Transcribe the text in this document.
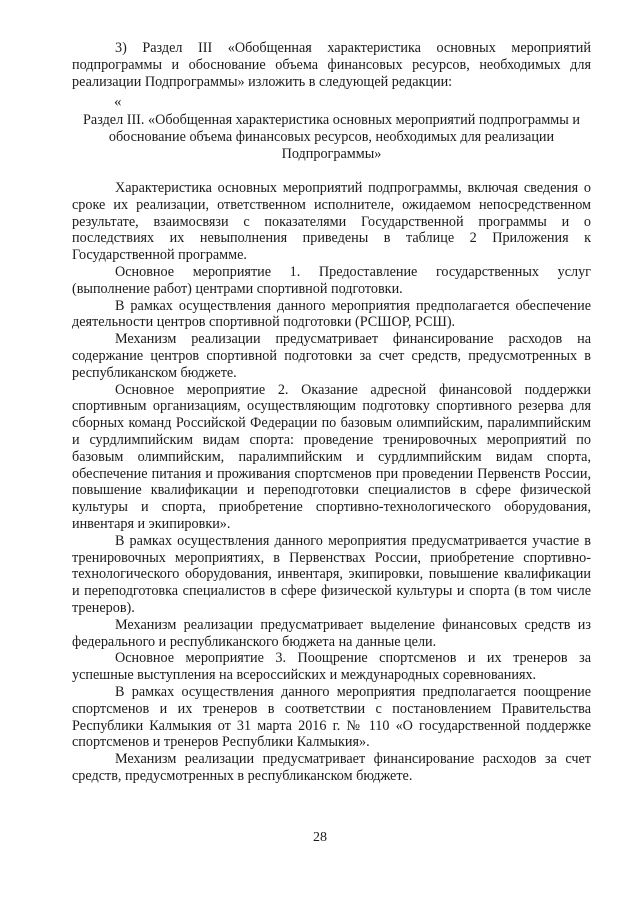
3) Раздел III «Обобщенная характеристика основных мероприятий подпрограммы и обоснование объема финансовых ресурсов, необходимых для реализации Подпрограммы» изложить в следующей редакции:

«

Раздел III. «Обобщенная характеристика основных мероприятий подпрограммы и обоснование объема финансовых ресурсов, необходимых для реализации Подпрограммы»

Характеристика основных мероприятий подпрограммы, включая сведения о сроке их реализации, ответственном исполнителе, ожидаемом непосредственном результате, взаимосвязи с показателями Государственной программы и о последствиях их невыполнения приведены в таблице 2 Приложения к Государственной программе.

Основное мероприятие 1. Предоставление государственных услуг (выполнение работ) центрами спортивной подготовки.

В рамках осуществления данного мероприятия предполагается обеспечение деятельности центров спортивной подготовки (РСШОР, РСШ).

Механизм реализации предусматривает финансирование расходов на содержание центров спортивной подготовки за счет средств, предусмотренных в республиканском бюджете.

Основное мероприятие 2. Оказание адресной финансовой поддержки спортивным организациям, осуществляющим подготовку спортивного резерва для сборных команд Российской Федерации по базовым олимпийским, паралимпийским и сурдлимпийским видам спорта: проведение тренировочных мероприятий по базовым олимпийским, паралимпийским и сурдлимпийским видам спорта, обеспечение питания и проживания спортсменов при проведении Первенств России, повышение квалификации и переподготовки специалистов в сфере физической культуры и спорта, приобретение спортивно-технологического оборудования, инвентаря и экипировки».

В рамках осуществления данного мероприятия предусматривается участие в тренировочных мероприятиях, в Первенствах России, приобретение спортивно-технологического оборудования, инвентаря, экипировки, повышение квалификации и переподготовка специалистов в сфере физической культуры и спорта (в том числе тренеров).

Механизм реализации предусматривает выделение финансовых средств из федерального и республиканского бюджета на данные цели.

Основное мероприятие 3. Поощрение спортсменов и их тренеров за успешные выступления на всероссийских и международных соревнованиях.

В рамках осуществления данного мероприятия предполагается поощрение спортсменов и их тренеров в соответствии с постановлением Правительства Республики Калмыкия от 31 марта 2016 г. № 110 «О государственной поддержке спортсменов и тренеров Республики Калмыкия».

Механизм реализации предусматривает финансирование расходов за счет средств, предусмотренных в республиканском бюджете.

28
